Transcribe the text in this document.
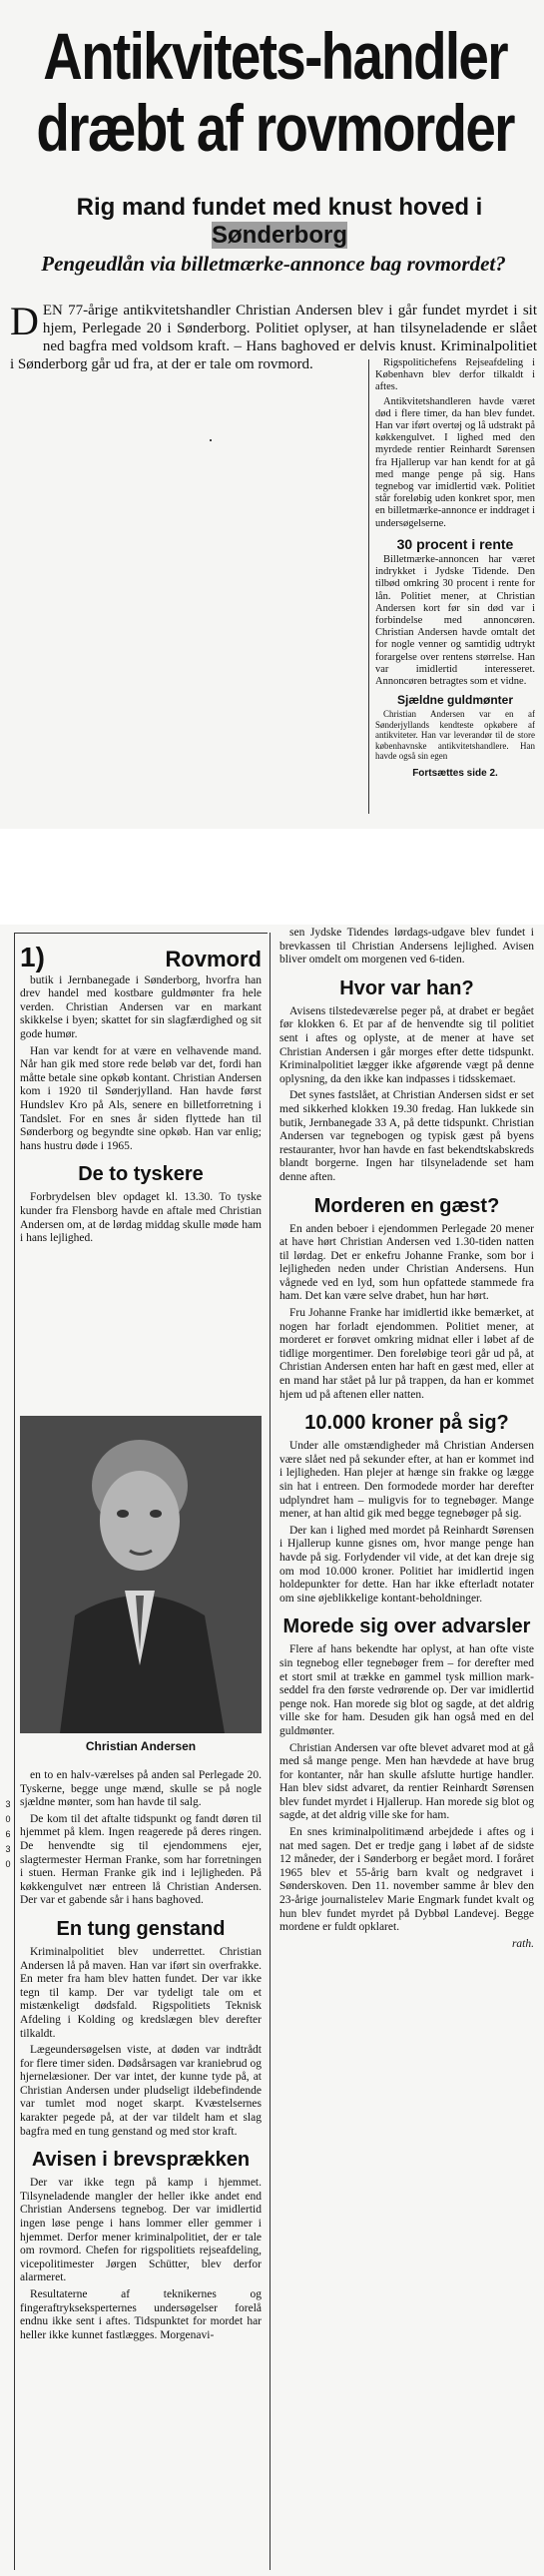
Antikvitets-handler dræbt af rovmorder
Rig mand fundet med knust hoved i Sønderborg
Pengeudlån via billetmærke-annonce bag rovmordet?

DEN 77-årige antikvitetshandler Christian Andersen blev i går fundet myrdet i sit hjem, Perlegade 20 i Sønderborg. Politiet oplyser, at han tilsyneladende er slået ned bagfra med voldsom kraft. – Hans baghoved er delvis knust. Kriminalpolitiet i Sønderborg går ud fra, at der er tale om rovmord.	Rigspolitichefens Rejseafdeling i København blev derfor tilkaldt i aftes.

Antikvitetshandleren havde været død i flere timer, da han blev fundet. Han var iført overtøj og lå udstrakt på køkkengulvet. I lighed med den myrdede rentier Reinhardt Sørensen fra Hjallerup var han kendt for at gå med mange penge på sig. Hans tegnebog var imidlertid væk. Politiet står foreløbig uden konkret spor, men en billetmærke-annonce er inddraget i undersøgelserne.

30 procent i rente

Billetmærke-annoncen har været indrykket i Jydske Tidende. Den tilbød omkring 30 procent i rente for lån. Politiet mener, at Christian Andersen kort før sin død var i forbindelse med annoncøren. Christian Andersen havde omtalt det for nogle venner og samtidig udtrykt forargelse over rentens størrelse. Han var imidlertid interesseret. Annoncøren betragtes som et vidne.

Sjældne guldmønter

Christian Andersen var en af Sønderjyllands kendteste opkøbere af antikviteter. Han var leverandør til de store københavnske antikvitetshandlere. Han havde også sin egen

Fortsættes side 2.
1)	Rovmord

butik i Jernbanegade i Sønderborg, hvorfra han drev handel med kostbare guldmønter fra hele verden. Christian Andersen var en markant skikkelse i byen; skattet for sin slagfærdighed og sit gode humør.

Han var kendt for at være en velhavende mand. Når han gik med store rede beløb var det, fordi han måtte betale sine opkøb kontant. Christian Andersen kom i 1920 til Sønderjylland. Han havde først Hundslev Kro på Als, senere en billetforretning i Tandslet. For en snes år siden flyttede han til Sønderborg og begyndte sine opkøb. Han var enlig; hans hustru døde i 1965.

De to tyskere

Forbrydelsen blev opdaget kl. 13.30. To tyske kunder fra Flensborg havde en aftale med Christian Andersen om, at de lørdag middag skulle møde ham i hans lejlighed.

Christian Andersen
3
0
6
3
0

en to en halv-værelses på anden sal Perlegade 20. Tyskerne, begge unge mænd, skulle se på nogle sjældne mønter, som han havde til salg.

De kom til det aftalte tidspunkt og fandt døren til hjemmet på klem. Ingen reagerede på deres ringen. De henvendte sig til ejendommens ejer, slagtermester Herman Franke, som har forretningen i stuen. Herman Franke gik ind i lejligheden. På køkkengulvet nær entreen lå Christian Andersen. Der var et gabende sår i hans baghoved.

En tung genstand

Kriminalpolitiet blev underrettet. Christian Andersen lå på maven. Han var iført sin overfrakke. En meter fra ham blev hatten fundet. Der var ikke tegn til kamp. Der var tydeligt tale om et mistænkeligt dødsfald. Rigspolitiets Teknisk Afdeling i Kolding og kredslægen blev derefter tilkaldt.

Lægeundersøgelsen viste, at døden var indtrådt for flere timer siden. Dødsårsagen var kraniebrud og hjernelæsioner. Der var intet, der kunne tyde på, at Christian Andersen under pludseligt ildebefindende var tumlet mod noget skarpt. Kvæstelsernes karakter pegede på, at der var tildelt ham et slag bagfra med en tung genstand og med stor kraft.

Avisen i brevsprækken

Der var ikke tegn på kamp i hjemmet. Tilsyneladende mangler der heller ikke andet end Christian Andersens tegnebog. Der var imidlertid ingen løse penge i hans lommer eller gemmer i hjemmet. Derfor mener kriminalpolitiet, der er tale om rovmord. Chefen for rigspolitiets rejseafdeling, vicepolitimester Jørgen Schütter, blev derfor alarmeret.

Resultaterne af teknikernes og fingeraftrykseksperternes undersøgelser forelå endnu ikke sent i aftes. Tidspunktet for mordet har heller ikke kunnet fastlægges. Morgenavi-

sen Jydske Tidendes lørdags-udgave blev fundet i brevkassen til Christian Andersens lejlighed. Avisen bliver omdelt om morgenen ved 6-tiden.

Hvor var han?

Avisens tilstedeværelse peger på, at drabet er begået før klokken 6. Et par af de henvendte sig til politiet sent i aftes og oplyste, at de mener at have set Christian Andersen i går morges efter dette tidspunkt. Kriminalpolitiet lægger ikke afgørende vægt på denne oplysning, da den ikke kan indpasses i tidsskemaet.

Det synes fastslået, at Christian Andersen sidst er set med sikkerhed klokken 19.30 fredag. Han lukkede sin butik, Jernbanegade 33 A, på dette tidspunkt. Christian Andersen var tegnebogen og typisk gæst på byens restauranter, hvor han havde en fast bekendtskabskreds blandt borgerne. Ingen har tilsyneladende set ham denne aften.

Morderen en gæst?

En anden beboer i ejendommen Perlegade 20 mener at have hørt Christian Andersen ved 1.30-tiden natten til lørdag. Det er enkefru Johanne Franke, som bor i lejligheden neden under Christian Andersens. Hun vågnede ved en lyd, som hun opfattede stammede fra ham. Det kan være selve drabet, hun har hørt.

Fru Johanne Franke har imidlertid ikke bemærket, at nogen har forladt ejendommen. Politiet mener, at morderet er forøvet omkring midnat eller i løbet af de tidlige morgentimer. Den foreløbige teori går ud på, at Christian Andersen enten har haft en gæst med, eller at en mand har stået på lur på trappen, da han er kommet hjem ud på aftenen eller natten.

10.000 kroner på sig?

Under alle omstændigheder må Christian Andersen være slået ned på sekunder efter, at han er kommet ind i lejligheden. Han plejer at hænge sin frakke og lægge sin hat i entreen. Den formodede morder har derefter udplyndret ham – muligvis for to tegnebøger. Mange mener, at han altid gik med begge tegnebøger på sig.

Der kan i lighed med mordet på Reinhardt Sørensen i Hjallerup kunne gisnes om, hvor mange penge han havde på sig. Forlydender vil vide, at det kan dreje sig om mod 10.000 kroner. Politiet har imidlertid ingen holdepunkter for dette. Han har ikke efterladt notater om sine øjeblikkelige kontant-beholdninger.

Morede sig over advarsler

Flere af hans bekendte har oplyst, at han ofte viste sin tegnebog eller tegnebøger frem – for derefter med et stort smil at trække en gammel tysk million mark-seddel fra den første vedrørende op. Der var imidlertid penge nok. Han morede sig blot og sagde, at det aldrig ville ske for ham. Desuden gik han også med en del guldmønter.

Christian Andersen var ofte blevet advaret mod at gå med så mange penge. Men han hævdede at have brug for kontanter, når han skulle afslutte hurtige handler. Han blev sidst advaret, da rentier Reinhardt Sørensen blev fundet myrdet i Hjallerup. Han morede sig blot og sagde, at det aldrig ville ske for ham.

En snes kriminalpolitimænd arbejdede i aftes og i nat med sagen. Det er tredje gang i løbet af de sidste 12 måneder, der i Sønderborg er begået mord. I foråret 1965 blev et 55-årig barn kvalt og nedgravet i Sønderskoven. Den 11. november samme år blev den 23-årige journalistelev Marie Engmark fundet kvalt og hun blev fundet myrdet på Dybbøl Landevej. Begge mordene er fuldt opklaret.

rath.
